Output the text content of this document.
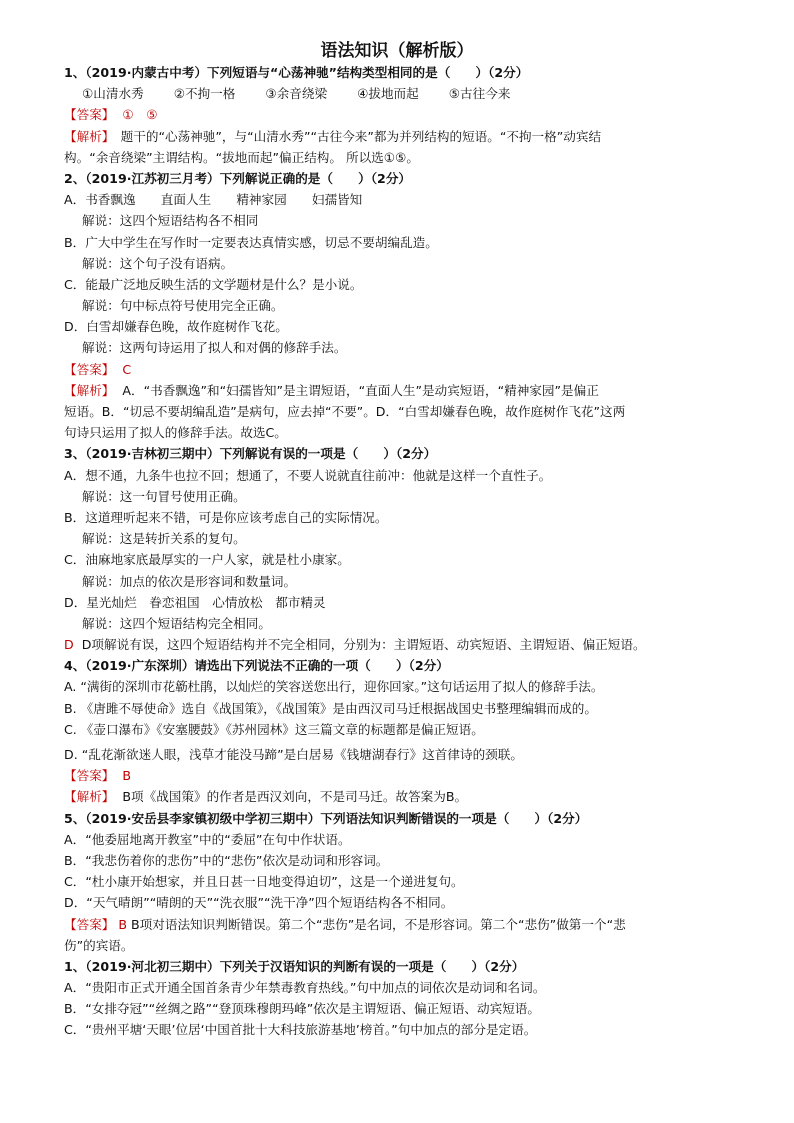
语法知识（解析版）
1、（2019·内蒙古中考）下列短语与“心荡神驰”结构类型相同的是（　　）（2分）
①山清水秀 ②不拘一格 ③余音绕梁 ④拔地而起 ⑤古往今来
【答案】 ①　⑤
【解析】　题干的“心荡神驰”，与“山清水秀”“古往今来”都为并列结构的短语。“不拘一格”动宾结
构。“余音绕梁”主谓结构。“拔地而起”偏正结构。 所以选①⑤。
2、（2019·江苏初三月考）下列解说正确的是（　　）（2分）
A．书香飘逸　　直面人生　　精神家园　　妇孺皆知
解说：这四个短语结构各不相同
B．广大中学生在写作时一定要表达真情实感，切忌不要胡编乱造。
解说：这个句子没有语病。
C．能最广泛地反映生活的文学题材是什么？是小说。
解说：句中标点符号使用完全正确。
D．白雪却嫌春色晚，故作庭树作飞花。
解说：这两句诗运用了拟人和对偶的修辞手法。
【答案】 C
【解析】 A．“书香飘逸”和“妇孺皆知”是主谓短语，“直面人生”是动宾短语，“精神家园”是偏正
短语。B．“切忌不要胡编乱造”是病句，应去掉“不要”。D．“白雪却嫌春色晚，故作庭树作飞花”这两
句诗只运用了拟人的修辞手法。故选C。
3、（2019·吉林初三期中）下列解说有误的一项是（　　）（2分）
A．想不通，九条牛也拉不回；想通了，不要人说就直往前冲：他就是这样一个直性子。
解说：这一句冒号使用正确。
B．这道理听起来不错，可是你应该考虑自己的实际情况。
解说：这是转折关系的复句。
C．油麻地家底最厚实的一户人家，就是杜小康家。
解说：加点的依次是形容词和数量词。
D．星光灿烂　眷恋祖国　心情放松　都市精灵
解说：这四个短语结构完全相同。
D D项解说有误，这四个短语结构并不完全相同，分别为：主谓短语、动宾短语、主谓短语、偏正短语。
4、（2019·广东深圳）请选出下列说法不正确的一项（　　）（2分）
A. “满街的深圳市花簕杜鹃，以灿烂的笑容送您出行，迎你回家。”这句话运用了拟人的修辞手法。
B. 《唐雎不辱使命》选自《战国策》，《战国策》是由西汉司马迁根据战国史书整理编辑而成的。
C. 《壶口瀑布》《安塞腰鼓》《苏州园林》这三篇文章的标题都是偏正短语。
D. “乱花渐欲迷人眼，浅草才能没马蹄”是白居易《钱塘湖春行》这首律诗的颈联。
【答案】 B
【解析】 B项《战国策》的作者是西汉刘向，不是司马迁。故答案为B。
5、（2019·安岳县李家镇初级中学初三期中）下列语法知识判断错误的一项是（　　）（2分）
A．“他委屈地离开教室”中的“委屈”在句中作状语。
B．“我悲伤着你的悲伤”中的“悲伤”依次是动词和形容词。
C．“杜小康开始想家，并且日甚一日地变得迫切”，这是一个递进复句。
D．“天气晴朗”“晴朗的天”“洗衣服”“洗干净”四个短语结构各不相同。
【答案】 B B项对语法知识判断错误。第二个“悲伤”是名词，不是形容词。第二个“悲伤”做第一个“悲
伤”的宾语。
1、（2019·河北初三期中）下列关于汉语知识的判断有误的一项是（　　）（2分）
A．“贵阳市正式开通全国首条青少年禁毒教育热线。”句中加点的词依次是动词和名词。
B．“女排夺冠”“丝绸之路”“登顶珠穆朗玛峰”依次是主谓短语、偏正短语、动宾短语。
C．“贵州平塘‘天眼’位居‘中国首批十大科技旅游基地’榜首。”句中加点的部分是定语。
